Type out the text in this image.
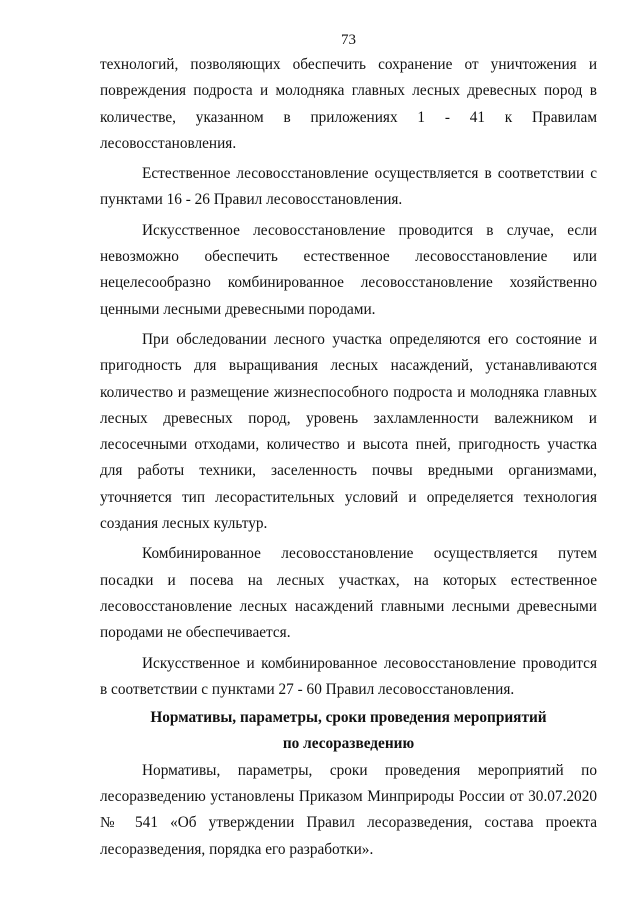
73

технологий, позволяющих обеспечить сохранение от уничтожения и

повреждения подроста и молодняка главных лесных древесных пород в

количестве, указанном в приложениях 1 - 41 к Правилам

лесовосстановления.

Естественное лесовосстановление осуществляется в соответствии с пунктами 16 - 26 Правил лесовосстановления.

Искусственное лесовосстановление проводится в случае, если невозможно обеспечить естественное лесовосстановление или нецелесообразно комбинированное лесовосстановление хозяйственно ценными лесными древесными породами.

При обследовании лесного участка определяются его состояние и пригодность для выращивания лесных насаждений, устанавливаются количество и размещение жизнеспособного подроста и молодняка главных лесных древесных пород, уровень захламленности валежником и лесосечными отходами, количество и высота пней, пригодность участка для работы техники, заселенность почвы вредными организмами, уточняется тип лесорастительных условий и определяется технология создания лесных культур.

Комбинированное лесовосстановление осуществляется путем посадки и посева на лесных участках, на которых естественное лесовосстановление лесных насаждений главными лесными древесными породами не обеспечивается.

Искусственное и комбинированное лесовосстановление проводится в соответствии с пунктами 27 - 60 Правил лесовосстановления.

Нормативы, параметры, сроки проведения мероприятий
по лесоразведению

Нормативы, параметры, сроки проведения мероприятий по лесоразведению установлены Приказом Минприроды России от 30.07.2020 № 541 «Об утверждении Правил лесоразведения, состава проекта лесоразведения, порядка его разработки».
